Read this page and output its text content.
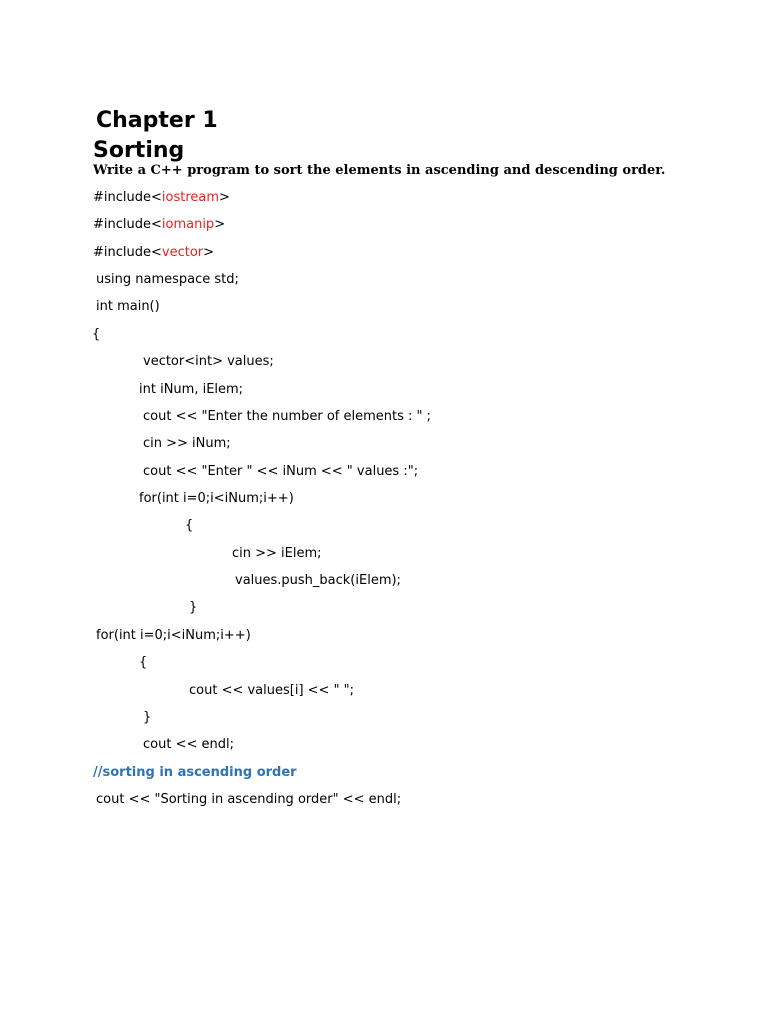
Chapter 1
Sorting
Write a C++ program to sort the elements in ascending and descending order.
#include<iostream>
#include<iomanip>
#include<vector>
using namespace std;
int main()
{
vector<int> values;
int iNum, iElem;
cout << "Enter the number of elements : " ;
cin >> iNum;
cout << "Enter " << iNum << " values :";
for(int i=0;i<iNum;i++)
{
cin >> iElem;
values.push_back(iElem);
}
for(int i=0;i<iNum;i++)
{
cout << values[i] << " ";
}
cout << endl;
//sorting in ascending order
cout << "Sorting in ascending order" << endl;
